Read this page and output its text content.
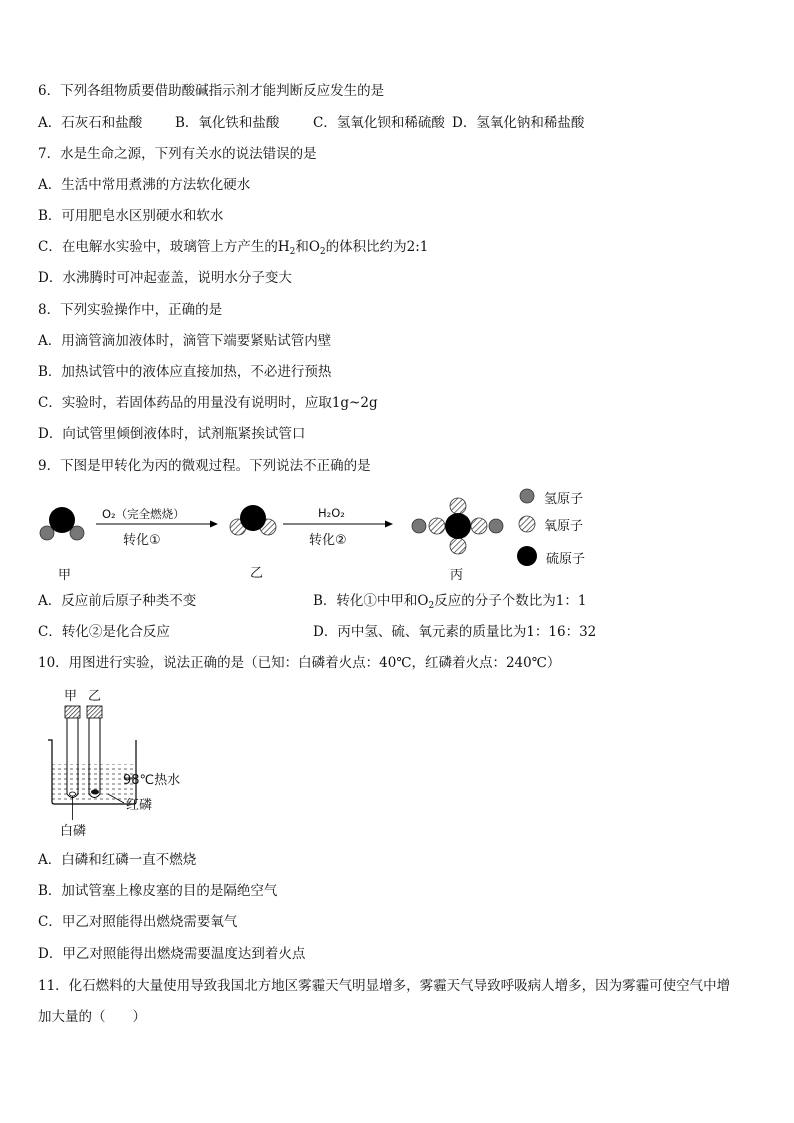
6．下列各组物质要借助酸碱指示剂才能判断反应发生的是
A．石灰石和盐酸 B．氧化铁和盐酸 C．氢氧化钡和稀硫酸 D．氢氧化钠和稀盐酸
7．水是生命之源，下列有关水的说法错误的是
A．生活中常用煮沸的方法软化硬水
B．可用肥皂水区别硬水和软水
C．在电解水实验中，玻璃管上方产生的$H_2$和$O_2$的体积比约为2:1
D．水沸腾时可冲起壶盖，说明水分子变大
8．下列实验操作中，正确的是
A．用滴管滴加液体时，滴管下端要紧贴试管内壁
B．加热试管中的液体应直接加热，不必进行预热
C．实验时，若固体药品的用量没有说明时，应取1g~2g
D．向试管里倾倒液体时，试剂瓶紧挨试管口
9．下图是甲转化为丙的微观过程。下列说法不正确的是
O₂（完全燃烧）
转化①
H₂O₂
转化②
甲	乙	丙
氢原子
氧原子
硫原子
A．反应前后原子种类不变	B．转化①中甲和$O_2$反应的分子个数比为1：1
C．转化②是化合反应	D．丙中氢、硫、氧元素的质量比为1：16：32
10．用图进行实验，说法正确的是（已知：白磷着火点：40℃，红磷着火点：240℃）
甲 乙
98℃热水
红磷
白磷
A．白磷和红磷一直不燃烧
B．加试管塞上橡皮塞的目的是隔绝空气
C．甲乙对照能得出燃烧需要氧气
D．甲乙对照能得出燃烧需要温度达到着火点
11．化石燃料的大量使用导致我国北方地区雾霾天气明显增多，雾霾天气导致呼吸病人增多，因为雾霾可使空气中增
加大量的（　　）
